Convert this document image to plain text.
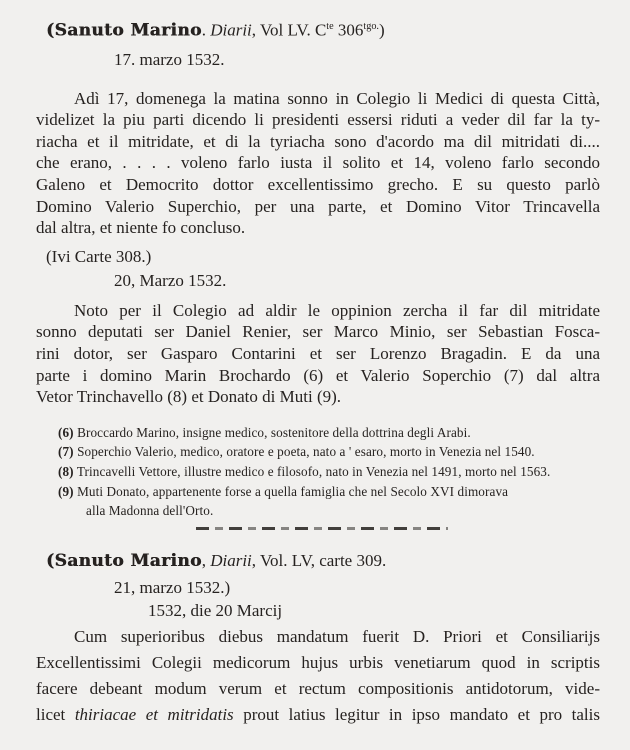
(Sanuto Marino. Diarii, Vol LV. $C^{te}$ $306^{tgo.}$)
17. marzo 1532.
Adì 17, domenega la matina sonno in Colegio li Medici di questa Città,
videlizet la piu parti dicendo li presidenti essersi riduti a veder dil far la ty-
riacha et il mitridate, et di la tyriacha sono d'acordo ma dil mitridati di....
che erano, . . . . voleno farlo iusta il solito et 14, voleno farlo secondo
Galeno et Democrito dottor excellentissimo grecho. E su questo parlò
Domino Valerio Superchio, per una parte, et Domino Vitor Trincavella
dal altra, et niente fo concluso.
(Ivi Carte 308.)
20, Marzo 1532.
Noto per il Colegio ad aldir le oppinion zercha il far dil mitridate
sonno deputati ser Daniel Renier, ser Marco Minio, ser Sebastian Fosca-
rini dotor, ser Gasparo Contarini et ser Lorenzo Bragadin. E da una
parte i domino Marin Brochardo (6) et Valerio Soperchio (7) dal altra
Vetor Trinchavello (8) et Donato di Muti (9).
(6) Broccardo Marino, insigne medico, sostenitore della dottrina degli Arabi.
(7) Soperchio Valerio, medico, oratore e poeta, nato a ' esaro, morto in Venezia nel 1540.
(8) Trincavelli Vettore, illustre medico e filosofo, nato in Venezia nel 1491, morto nel 1563.
(9) Muti Donato, appartenente forse a quella famiglia che nel Secolo XVI dimorava
alla Madonna dell'Orto.
(Sanuto Marino, Diarii, Vol. LV, carte 309.
21, marzo 1532.)
1532, die 20 Marcij
Cum superioribus diebus mandatum fuerit D. Priori et Consiliarijs
Excellentissimi Colegii medicorum hujus urbis venetiarum quod in scriptis
facere debeant modum verum et rectum compositionis antidotorum, vide-
licet thiriacae et mitridatis prout latius legitur in ipso mandato et pro talis
